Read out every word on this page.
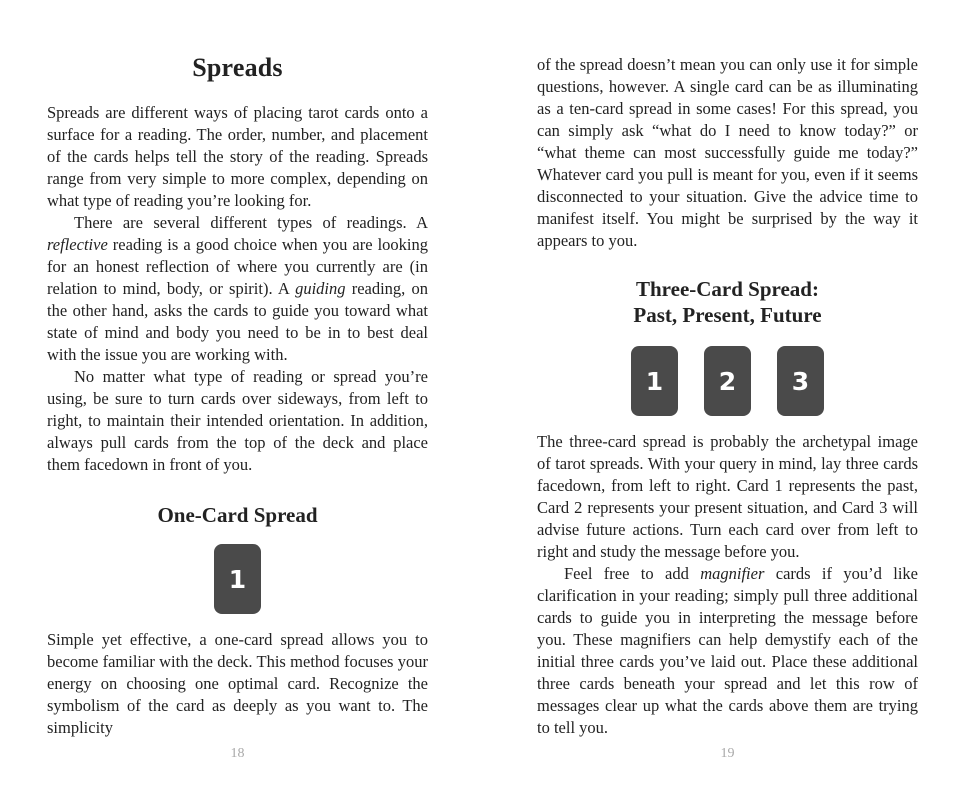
Spreads

Spreads are different ways of placing tarot cards onto a surface for a reading. The order, number, and placement of the cards helps tell the story of the reading. Spreads range from very simple to more complex, depending on what type of reading you’re looking for.

There are several different types of readings. A reflective reading is a good choice when you are looking for an honest reflection of where you currently are (in relation to mind, body, or spirit). A guiding reading, on the other hand, asks the cards to guide you toward what state of mind and body you need to be in to best deal with the issue you are working with.

No matter what type of reading or spread you’re using, be sure to turn cards over sideways, from left to right, to maintain their intended orientation. In addition, always pull cards from the top of the deck and place them facedown in front of you.

One-Card Spread
1

Simple yet effective, a one-card spread allows you to become familiar with the deck. This method focuses your energy on choosing one optimal card. Recognize the symbolism of the card as deeply as you want to. The simplicity

18

of the spread doesn’t mean you can only use it for simple questions, however. A single card can be as illuminating as a ten-card spread in some cases! For this spread, you can simply ask “what do I need to know today?” or “what theme can most successfully guide me today?” Whatever card you pull is meant for you, even if it seems disconnected to your situation. Give the advice time to manifest itself. You might be surprised by the way it appears to you.

Three-Card Spread:
Past, Present, Future
1 2 3

The three-card spread is probably the archetypal image of tarot spreads. With your query in mind, lay three cards facedown, from left to right. Card 1 represents the past, Card 2 represents your present situation, and Card 3 will advise future actions. Turn each card over from left to right and study the message before you.

Feel free to add magnifier cards if you’d like clarification in your reading; simply pull three additional cards to guide you in interpreting the message before you. These magnifiers can help demystify each of the initial three cards you’ve laid out. Place these additional three cards beneath your spread and let this row of messages clear up what the cards above them are trying to tell you.

19
